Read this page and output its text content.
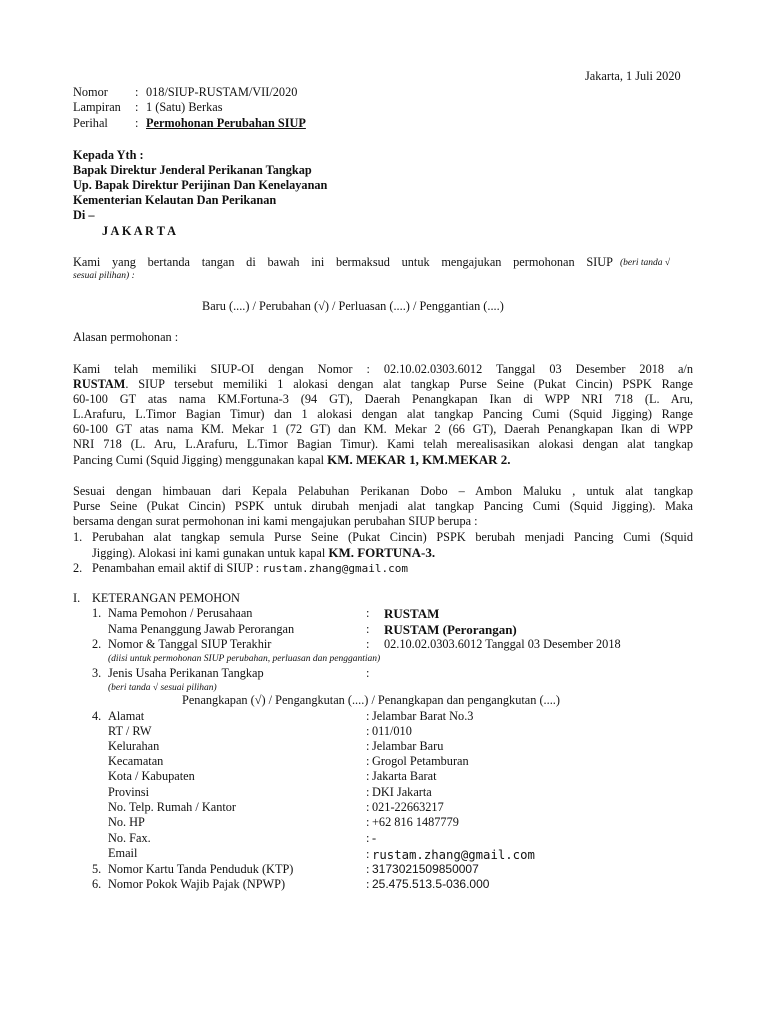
Jakarta, 1 Juli 2020
Nomor : 018/SIUP-RUSTAM/VII/2020
Lampiran : 1 (Satu) Berkas
Perihal : Permohonan Perubahan SIUP
Kepada Yth :
Bapak Direktur Jenderal Perikanan Tangkap
Up. Bapak Direktur Perijinan Dan Kenelayanan
Kementerian Kelautan Dan Perikanan
Di –
J A K A R T A
Kami yang bertanda tangan di bawah ini bermaksud untuk mengajukan permohonan SIUP (beri tanda √
sesuai pilihan) :
Baru (....) / Perubahan (√) / Perluasan (....) / Penggantian (....)
Alasan permohonan :
Kami telah memiliki SIUP-OI dengan Nomor : 02.10.02.0303.6012 Tanggal 03 Desember 2018 a/n
RUSTAM . SIUP tersebut memiliki 1 alokasi dengan alat tangkap Purse Seine (Pukat Cincin) PSPK Range
60-100 GT atas nama KM.Fortuna-3 (94 GT), Daerah Penangkapan Ikan di WPP NRI 718 (L. Aru,
L.Arafuru, L.Timor Bagian Timur) dan 1 alokasi dengan alat tangkap Pancing Cumi (Squid Jigging) Range
60-100 GT atas nama KM. Mekar 1 (72 GT) dan KM. Mekar 2 (66 GT), Daerah Penangkapan Ikan di WPP
NRI 718 (L. Aru, L.Arafuru, L.Timor Bagian Timur). Kami telah merealisasikan alokasi dengan alat tangkap
Pancing Cumi (Squid Jigging) menggunakan kapal KM. MEKAR 1, KM.MEKAR 2.
Sesuai dengan himbauan dari Kepala Pelabuhan Perikanan Dobo – Ambon Maluku , untuk alat tangkap
Purse Seine (Pukat Cincin) PSPK untuk dirubah menjadi alat tangkap Pancing Cumi (Squid Jigging). Maka
bersama dengan surat permohonan ini kami mengajukan perubahan SIUP berupa :
1. Perubahan alat tangkap semula Purse Seine (Pukat Cincin) PSPK berubah menjadi Pancing Cumi (Squid
Jigging). Alokasi ini kami gunakan untuk kapal KM. FORTUNA-3.
2. Penambahan email aktif di SIUP : rustam.zhang@gmail.com
I. KETERANGAN PEMOHON
1. Nama Pemohon / Perusahaan	: RUSTAM
Nama Penanggung Jawab Perorangan	: RUSTAM (Perorangan)
2. Nomor & Tanggal SIUP Terakhir	: 02.10.02.0303.6012 Tanggal 03 Desember 2018
(diisi untuk permohonan SIUP perubahan, perluasan dan penggantian)
3. Jenis Usaha Perikanan Tangkap	:
(beri tanda √ sesuai pilihan)
Penangkapan (√) / Pengangkutan (....) / Penangkapan dan pengangkutan (....)
4. Alamat	: Jelambar Barat No.3
RT / RW	: 011/010
Kelurahan	: Jelambar Baru
Kecamatan	: Grogol Petamburan
Kota / Kabupaten	: Jakarta Barat
Provinsi	: DKI Jakarta
No. Telp. Rumah / Kantor	: 021-22663217
No. HP	: +62 816 1487779
No. Fax.	: -
Email	: rustam.zhang@gmail.com
5. Nomor Kartu Tanda Penduduk (KTP)	: 3173021509850007
6. Nomor Pokok Wajib Pajak (NPWP)	: 25.475.513.5-036.000
